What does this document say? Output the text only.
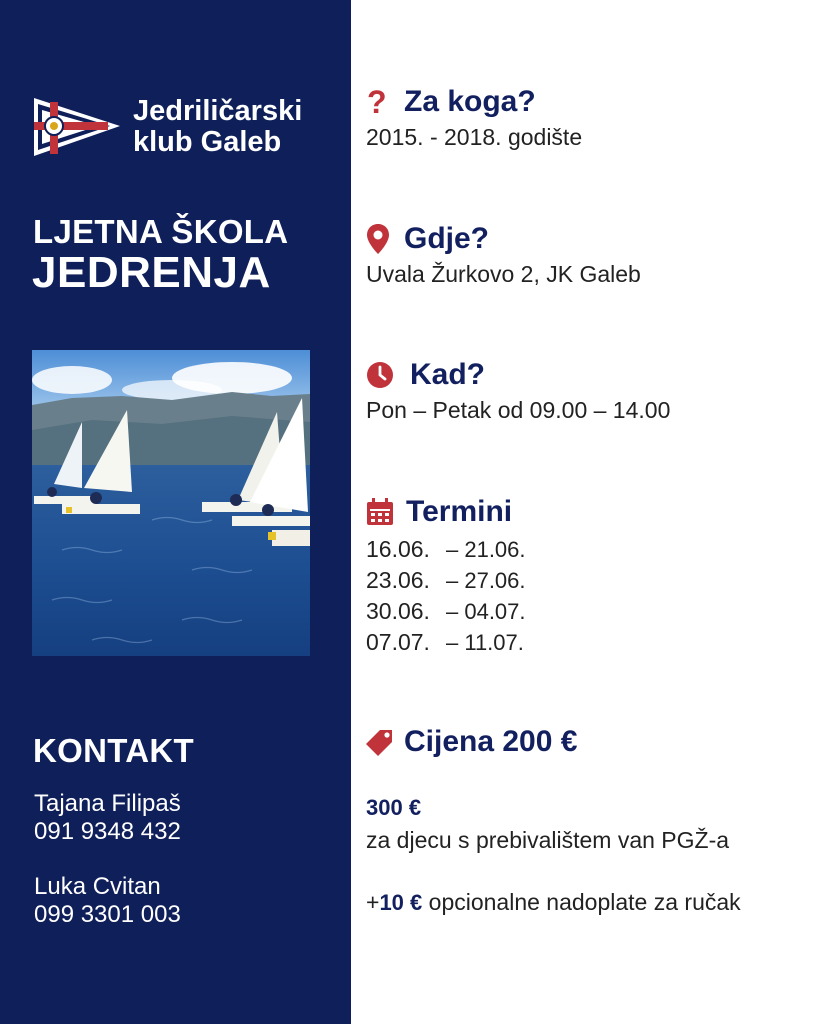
Jedriličarski
klub Galeb
LJETNA ŠKOLA
JEDRENJA
KONTAKT
Tajana Filipaš
091 9348 432
Luka Cvitan
099 3301 003
? Za koga?
2015. - 2018. godište
Gdje?
Uvala Žurkovo 2, JK Galeb
Kad?
Pon – Petak od 09.00 – 14.00
Termini
16.06. – 21.06.
23.06. – 27.06.
30.06. – 04.07.
07.07. – 11.07.
Cijena 200 €
300 €
za djecu s prebivalištem van PGŽ-a
+10 € opcionalne nadoplate za ručak
